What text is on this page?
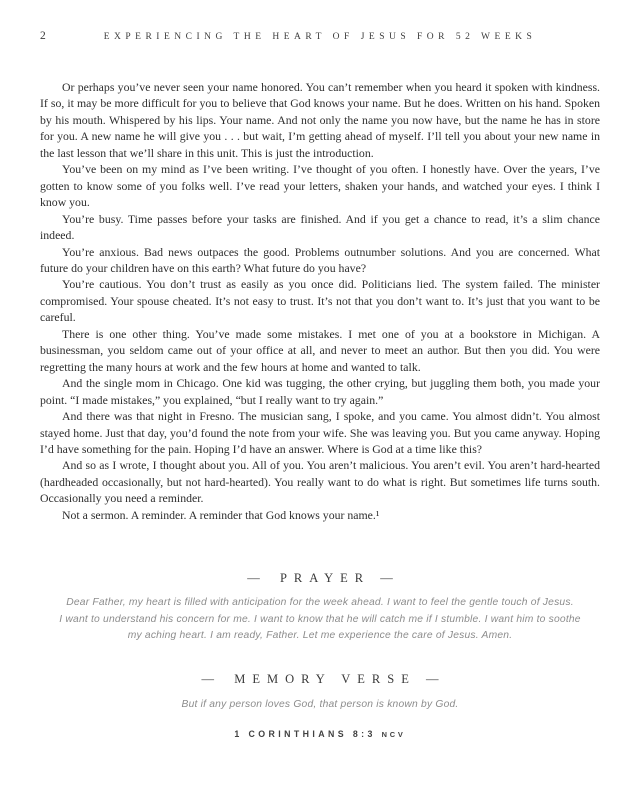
2	EXPERIENCING THE HEART OF JESUS FOR 52 WEEKS

Or perhaps you’ve never seen your name honored. You can’t remember when you heard it spoken with kindness. If so, it may be more difficult for you to believe that God knows your name. But he does. Written on his hand. Spoken by his mouth. Whispered by his lips. Your name. And not only the name you now have, but the name he has in store for you. A new name he will give you . . . but wait, I’m getting ahead of myself. I’ll tell you about your new name in the last lesson that we’ll share in this unit. This is just the introduction.

You’ve been on my mind as I’ve been writing. I’ve thought of you often. I honestly have. Over the years, I’ve gotten to know some of you folks well. I’ve read your letters, shaken your hands, and watched your eyes. I think I know you.

You’re busy. Time passes before your tasks are finished. And if you get a chance to read, it’s a slim chance indeed.

You’re anxious. Bad news outpaces the good. Problems outnumber solutions. And you are concerned. What future do your children have on this earth? What future do you have?

You’re cautious. You don’t trust as easily as you once did. Politicians lied. The system failed. The minister compromised. Your spouse cheated. It’s not easy to trust. It’s not that you don’t want to. It’s just that you want to be careful.

There is one other thing. You’ve made some mistakes. I met one of you at a bookstore in Michigan. A businessman, you seldom came out of your office at all, and never to meet an author. But then you did. You were regretting the many hours at work and the few hours at home and wanted to talk.

And the single mom in Chicago. One kid was tugging, the other crying, but juggling them both, you made your point. “I made mistakes,” you explained, “but I really want to try again.”

And there was that night in Fresno. The musician sang, I spoke, and you came. You almost didn’t. You almost stayed home. Just that day, you’d found the note from your wife. She was leaving you. But you came anyway. Hoping I’d have something for the pain. Hoping I’d have an answer. Where is God at a time like this?

And so as I wrote, I thought about you. All of you. You aren’t malicious. You aren’t evil. You aren’t hard-hearted (hardheaded occasionally, but not hard-hearted). You really want to do what is right. But sometimes life turns south. Occasionally you need a reminder.

Not a sermon. A reminder. A reminder that God knows your name.¹

— PRAYER —
Dear Father, my heart is filled with anticipation for the week ahead. I want to feel the gentle touch of Jesus.
I want to understand his concern for me. I want to know that he will catch me if I stumble. I want him to soothe
my aching heart. I am ready, Father. Let me experience the care of Jesus. Amen.
— MEMORY VERSE —
But if any person loves God, that person is known by God.
1 CORINTHIANS 8:3 NCV
